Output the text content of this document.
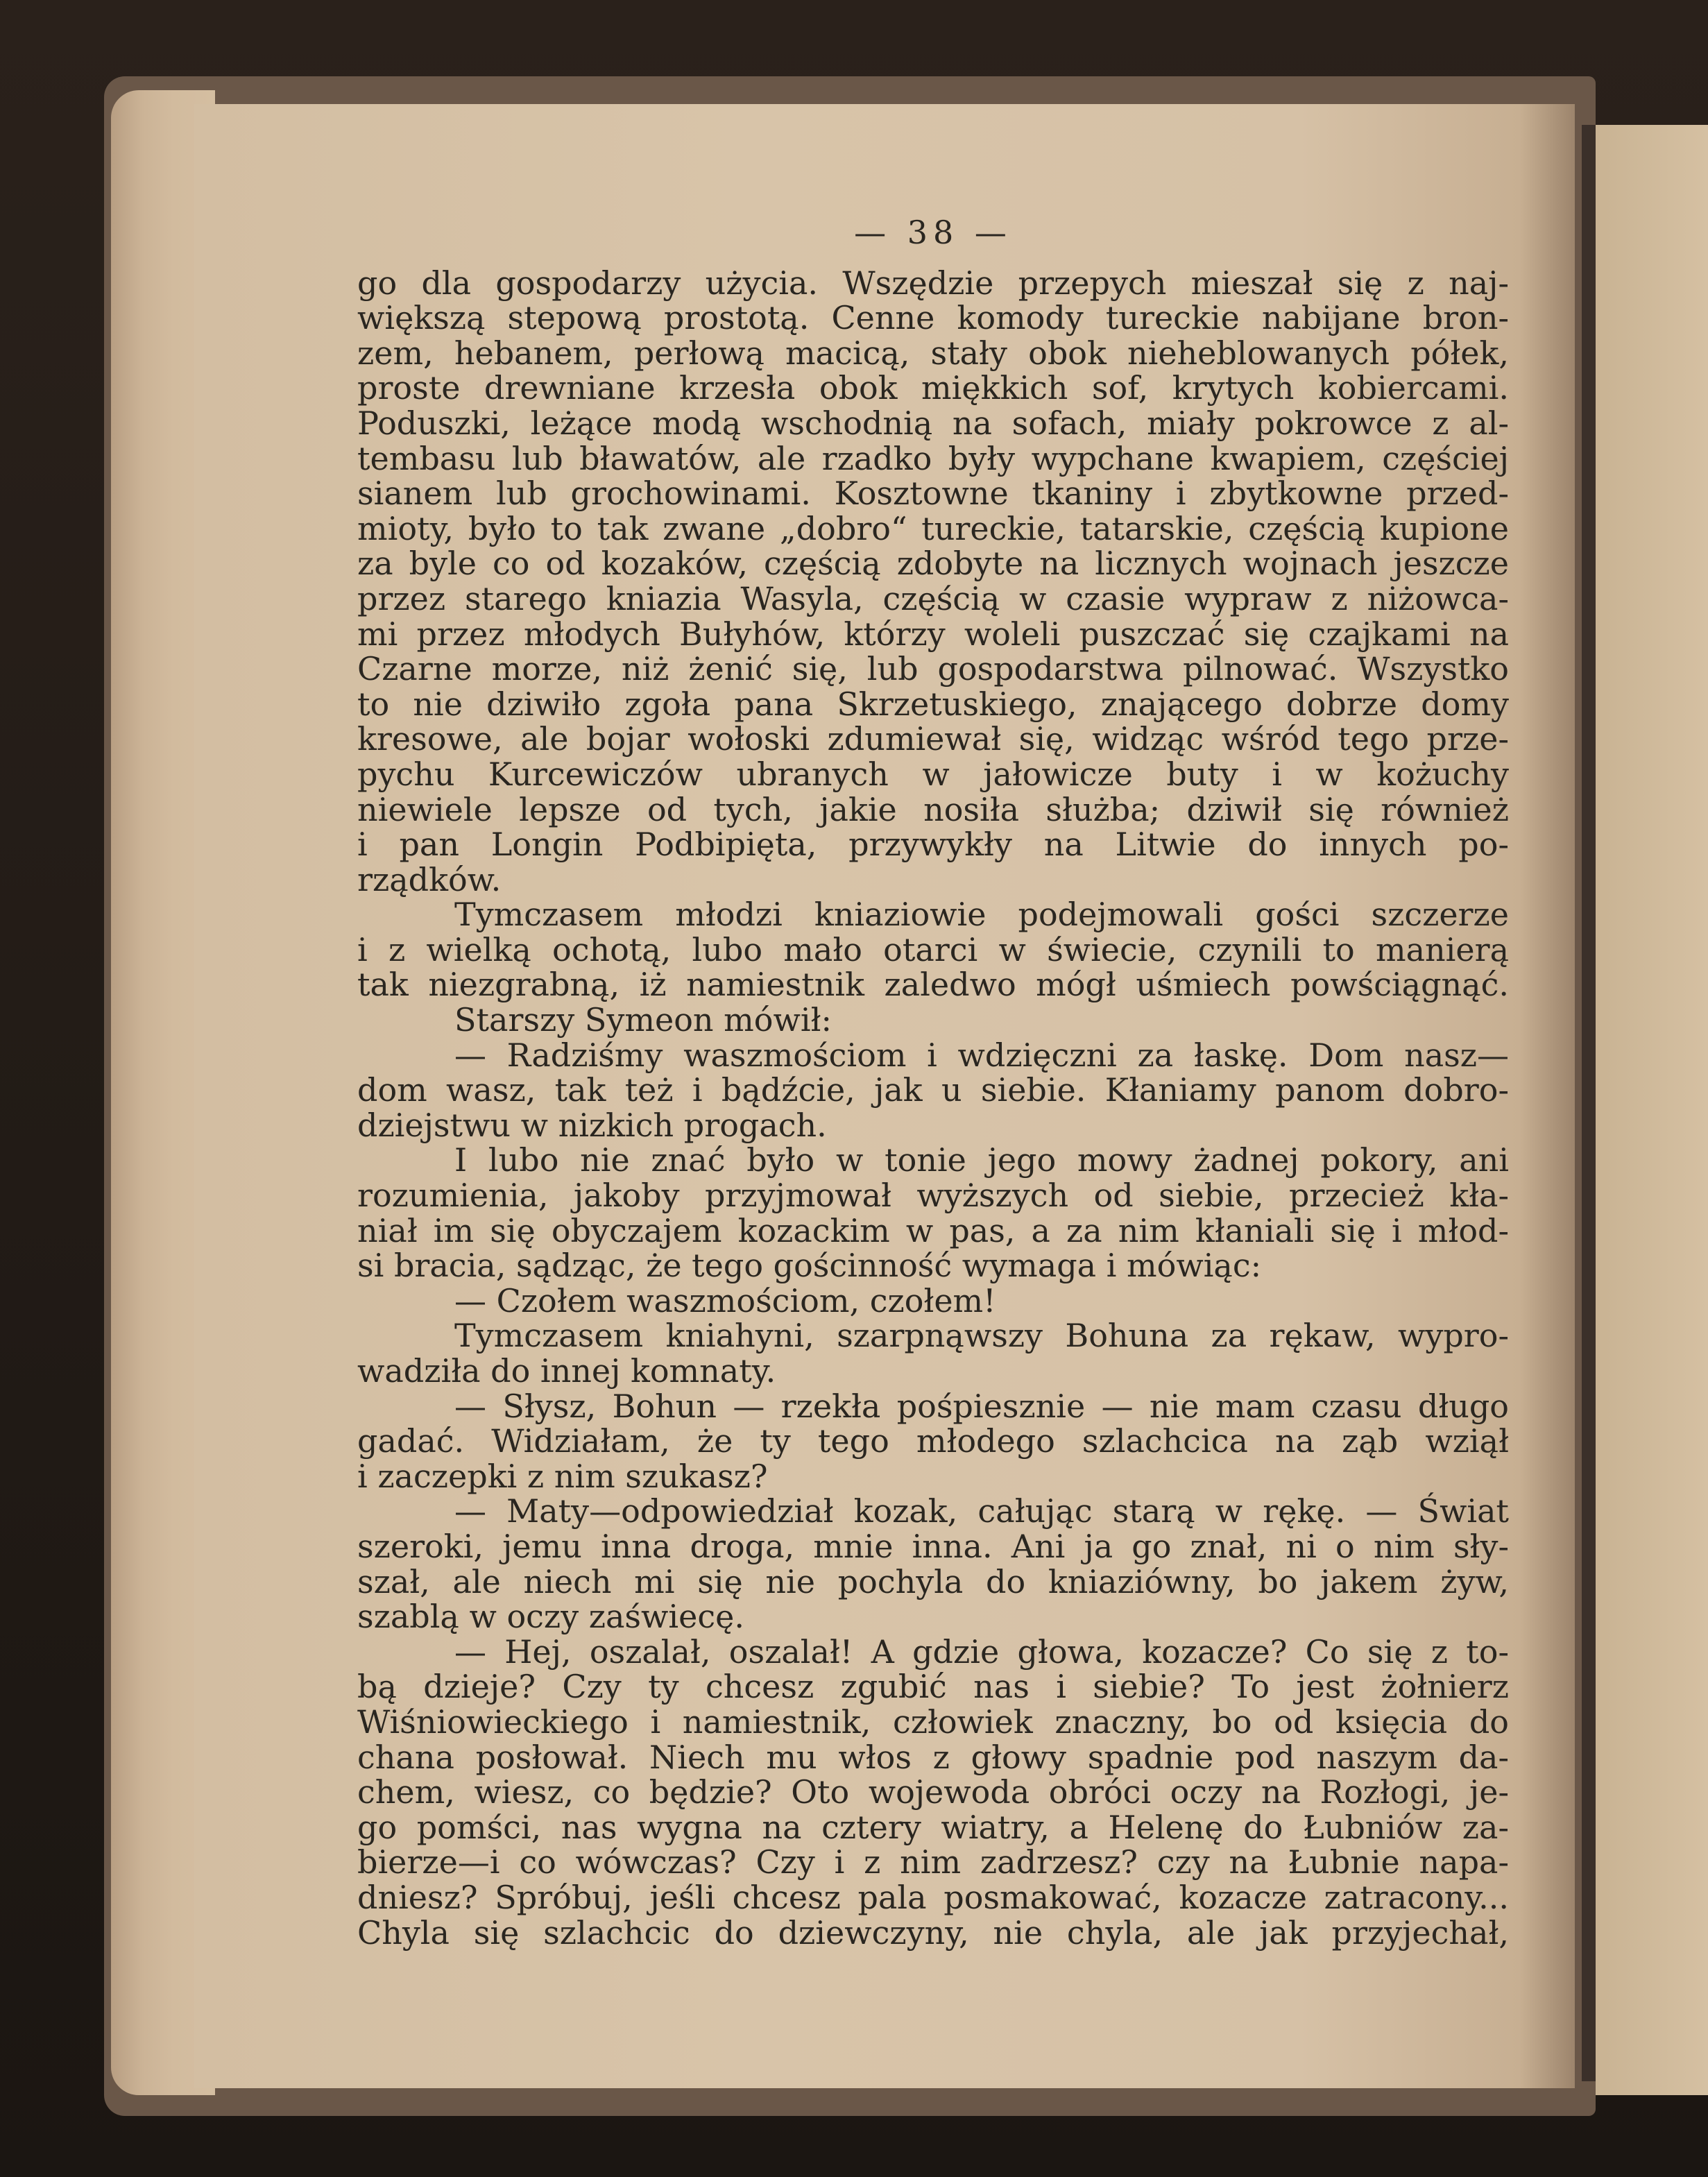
— 38 —
go dla gospodarzy użycia. Wszędzie przepych mieszał się z naj-
większą stepową prostotą. Cenne komody tureckie nabijane bron-
zem, hebanem, perłową macicą, stały obok nieheblowanych półek,
proste drewniane krzesła obok miękkich sof, krytych kobiercami.
Poduszki, leżące modą wschodnią na sofach, miały pokrowce z al-
tembasu lub bławatów, ale rzadko były wypchane kwapiem, częściej
sianem lub grochowinami. Kosztowne tkaniny i zbytkowne przed-
mioty, było to tak zwane „dobro“ tureckie, tatarskie, częścią kupione
za byle co od kozaków, częścią zdobyte na licznych wojnach jeszcze
przez starego kniazia Wasyla, częścią w czasie wypraw z niżowca-
mi przez młodych Bułyhów, którzy woleli puszczać się czajkami na
Czarne morze, niż żenić się, lub gospodarstwa pilnować. Wszystko
to nie dziwiło zgoła pana Skrzetuskiego, znającego dobrze domy
kresowe, ale bojar wołoski zdumiewał się, widząc wśród tego prze-
pychu Kurcewiczów ubranych w jałowicze buty i w kożuchy
niewiele lepsze od tych, jakie nosiła służba; dziwił się również
i pan Longin Podbipięta, przywykły na Litwie do innych po-
rządków.
Tymczasem młodzi kniaziowie podejmowali gości szczerze
i z wielką ochotą, lubo mało otarci w świecie, czynili to manierą
tak niezgrabną, iż namiestnik zaledwo mógł uśmiech powściągnąć.
Starszy Symeon mówił:
— Radziśmy waszmościom i wdzięczni za łaskę. Dom nasz—
dom wasz, tak też i bądźcie, jak u siebie. Kłaniamy panom dobro-
dziejstwu w nizkich progach.
I lubo nie znać było w tonie jego mowy żadnej pokory, ani
rozumienia, jakoby przyjmował wyższych od siebie, przecież kła-
niał im się obyczajem kozackim w pas, a za nim kłaniali się i młod-
si bracia, sądząc, że tego gościnność wymaga i mówiąc:
— Czołem waszmościom, czołem!
Tymczasem kniahyni, szarpnąwszy Bohuna za rękaw, wypro-
wadziła do innej komnaty.
— Słysz, Bohun — rzekła pośpiesznie — nie mam czasu długo
gadać. Widziałam, że ty tego młodego szlachcica na ząb wziął
i zaczepki z nim szukasz?
— Maty—odpowiedział kozak, całując starą w rękę. — Świat
szeroki, jemu inna droga, mnie inna. Ani ja go znał, ni o nim sły-
szał, ale niech mi się nie pochyla do kniaziówny, bo jakem żyw,
szablą w oczy zaświecę.
— Hej, oszalał, oszalał! A gdzie głowa, kozacze? Co się z to-
bą dzieje? Czy ty chcesz zgubić nas i siebie? To jest żołnierz
Wiśniowieckiego i namiestnik, człowiek znaczny, bo od księcia do
chana posłował. Niech mu włos z głowy spadnie pod naszym da-
chem, wiesz, co będzie? Oto wojewoda obróci oczy na Rozłogi, je-
go pomści, nas wygna na cztery wiatry, a Helenę do Łubniów za-
bierze—i co wówczas? Czy i z nim zadrzesz? czy na Łubnie napa-
dniesz? Spróbuj, jeśli chcesz pala posmakować, kozacze zatracony...
Chyla się szlachcic do dziewczyny, nie chyla, ale jak przyjechał,
